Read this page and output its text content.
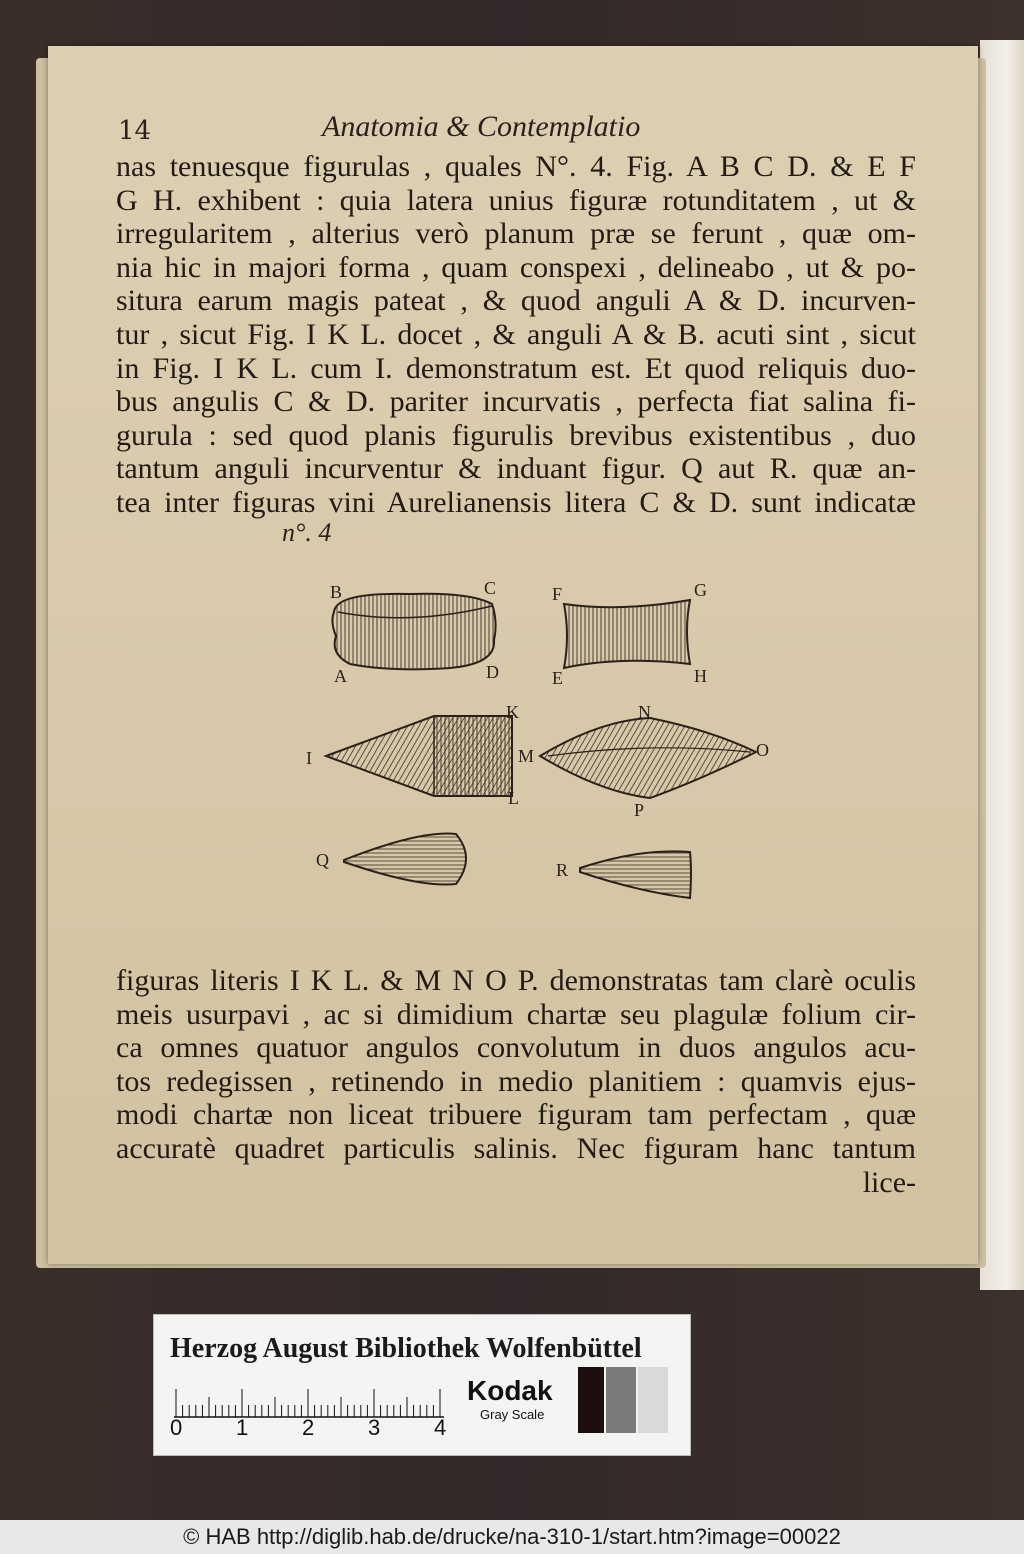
14	Anatomia & Contemplatio
nas tenuesque figurulas , quales N°. 4. Fig. A B C D. & E F
G H. exhibent : quia latera unius figuræ rotunditatem , ut &
irregularitem , alterius verò planum præ se ferunt , quæ om-
nia hic in majori forma , quam conspexi , delineabo , ut & po-
situra earum magis pateat , & quod anguli A & D. incurven-
tur , sicut Fig. I K L. docet , & anguli A & B. acuti sint , sicut
in Fig. I K L. cum I. demonstratum est. Et quod reliquis duo-
bus angulis C & D. pariter incurvatis , perfecta fiat salina fi-
gurula : sed quod planis figurulis brevibus existentibus , duo
tantum anguli incurventur & induant figur. Q aut R. quæ an-
tea inter figuras vini Aurelianensis litera C & D. sunt indicatæ
n°. 4
B	C
A	D
F	G
E	H
K
I
L
N
M	O
P
Q	R
figuras literis I K L. & M N O P. demonstratas tam clarè oculis
meis usurpavi , ac si dimidium chartæ seu plagulæ folium cir-
ca omnes quatuor angulos convolutum in duos angulos acu-
tos redegissen , retinendo in medio planitiem : quamvis ejus-
modi chartæ non liceat tribuere figuram tam perfectam , quæ
accuratè quadret particulis salinis. Nec figuram hanc tantum
lice-
Herzog August Bibliothek Wolfenbüttel
0 1 2 3 4
Kodak
Gray Scale
© HAB http://diglib.hab.de/drucke/na-310-1/start.htm?image=00022
